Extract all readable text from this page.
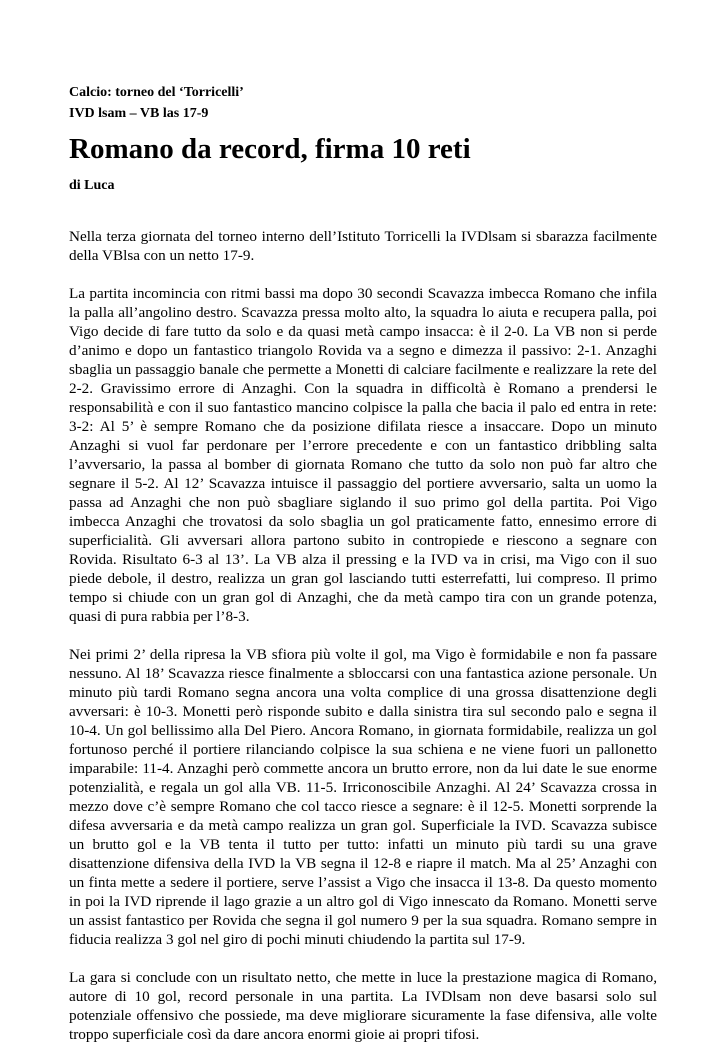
Calcio: torneo del ‘Torricelli’

IVD lsam – VB las 17-9

Romano da record, firma 10 reti

di Luca

Nella terza giornata del torneo interno dell’Istituto Torricelli la IVDlsam si sbarazza facilmente della VBlsa con un netto 17-9.

La partita incomincia con ritmi bassi ma dopo 30 secondi Scavazza imbecca Romano che infila la palla all’angolino destro. Scavazza pressa molto alto, la squadra lo aiuta e recupera palla, poi Vigo decide di fare tutto da solo e da quasi metà campo insacca: è il 2-0. La VB non si perde d’animo e dopo un fantastico triangolo Rovida va a segno e dimezza il passivo: 2-1. Anzaghi sbaglia un passaggio banale che permette a Monetti di calciare facilmente e realizzare la rete del 2-2. Gravissimo errore di Anzaghi. Con la squadra in difficoltà è Romano a prendersi le responsabilità e con il suo fantastico mancino colpisce la palla che bacia il palo ed entra in rete: 3-2: Al 5’ è sempre Romano che da posizione difilata riesce a insaccare. Dopo un minuto Anzaghi si vuol far perdonare per l’errore precedente e con un fantastico dribbling salta l’avversario, la passa al bomber di giornata Romano che tutto da solo non può far altro che segnare il 5-2. Al 12’ Scavazza intuisce il passaggio del portiere avversario, salta un uomo la passa ad Anzaghi che non può sbagliare siglando il suo primo gol della partita. Poi Vigo imbecca Anzaghi che trovatosi da solo sbaglia un gol praticamente fatto, ennesimo errore di superficialità. Gli avversari allora partono subito in contropiede e riescono a segnare con Rovida. Risultato 6-3 al 13’. La VB alza il pressing e la IVD va in crisi, ma Vigo con il suo piede debole, il destro, realizza un gran gol lasciando tutti esterrefatti, lui compreso. Il primo tempo si chiude con un gran gol di Anzaghi, che da metà campo tira con un grande potenza, quasi di pura rabbia per l’8-3.

Nei primi 2’ della ripresa la VB sfiora più volte il gol, ma Vigo è formidabile e non fa passare nessuno. Al 18’ Scavazza riesce finalmente a sbloccarsi con una fantastica azione personale. Un minuto più tardi Romano segna ancora una volta complice di una grossa disattenzione degli avversari: è 10-3. Monetti però risponde subito e dalla sinistra tira sul secondo palo e segna il 10-4. Un gol bellissimo alla Del Piero. Ancora Romano, in giornata formidabile, realizza un gol fortunoso perché il portiere rilanciando colpisce la sua schiena e ne viene fuori un pallonetto imparabile: 11-4. Anzaghi però commette ancora un brutto errore, non da lui date le sue enorme potenzialità, e regala un gol alla VB. 11-5. Irriconoscibile Anzaghi. Al 24’ Scavazza crossa in mezzo dove c’è sempre Romano che col tacco riesce a segnare: è il 12-5. Monetti sorprende la difesa avversaria e da metà campo realizza un gran gol. Superficiale la IVD. Scavazza subisce un brutto gol e la VB tenta il tutto per tutto: infatti un minuto più tardi su una grave disattenzione difensiva della IVD la VB segna il 12-8 e riapre il match. Ma al 25’ Anzaghi con un finta mette a sedere il portiere, serve l’assist a Vigo che insacca il 13-8. Da questo momento in poi la IVD riprende il lago grazie a un altro gol di Vigo innescato da Romano. Monetti serve un assist fantastico per Rovida che segna il gol numero 9 per la sua squadra. Romano sempre in fiducia realizza 3 gol nel giro di pochi minuti chiudendo la partita sul 17-9.

La gara si conclude con un risultato netto, che mette in luce la prestazione magica di Romano, autore di 10 gol, record personale in una partita. La IVDlsam non deve basarsi solo sul potenziale offensivo che possiede, ma deve migliorare sicuramente la fase difensiva, alle volte troppo superficiale così da dare ancora enormi gioie ai propri tifosi.
